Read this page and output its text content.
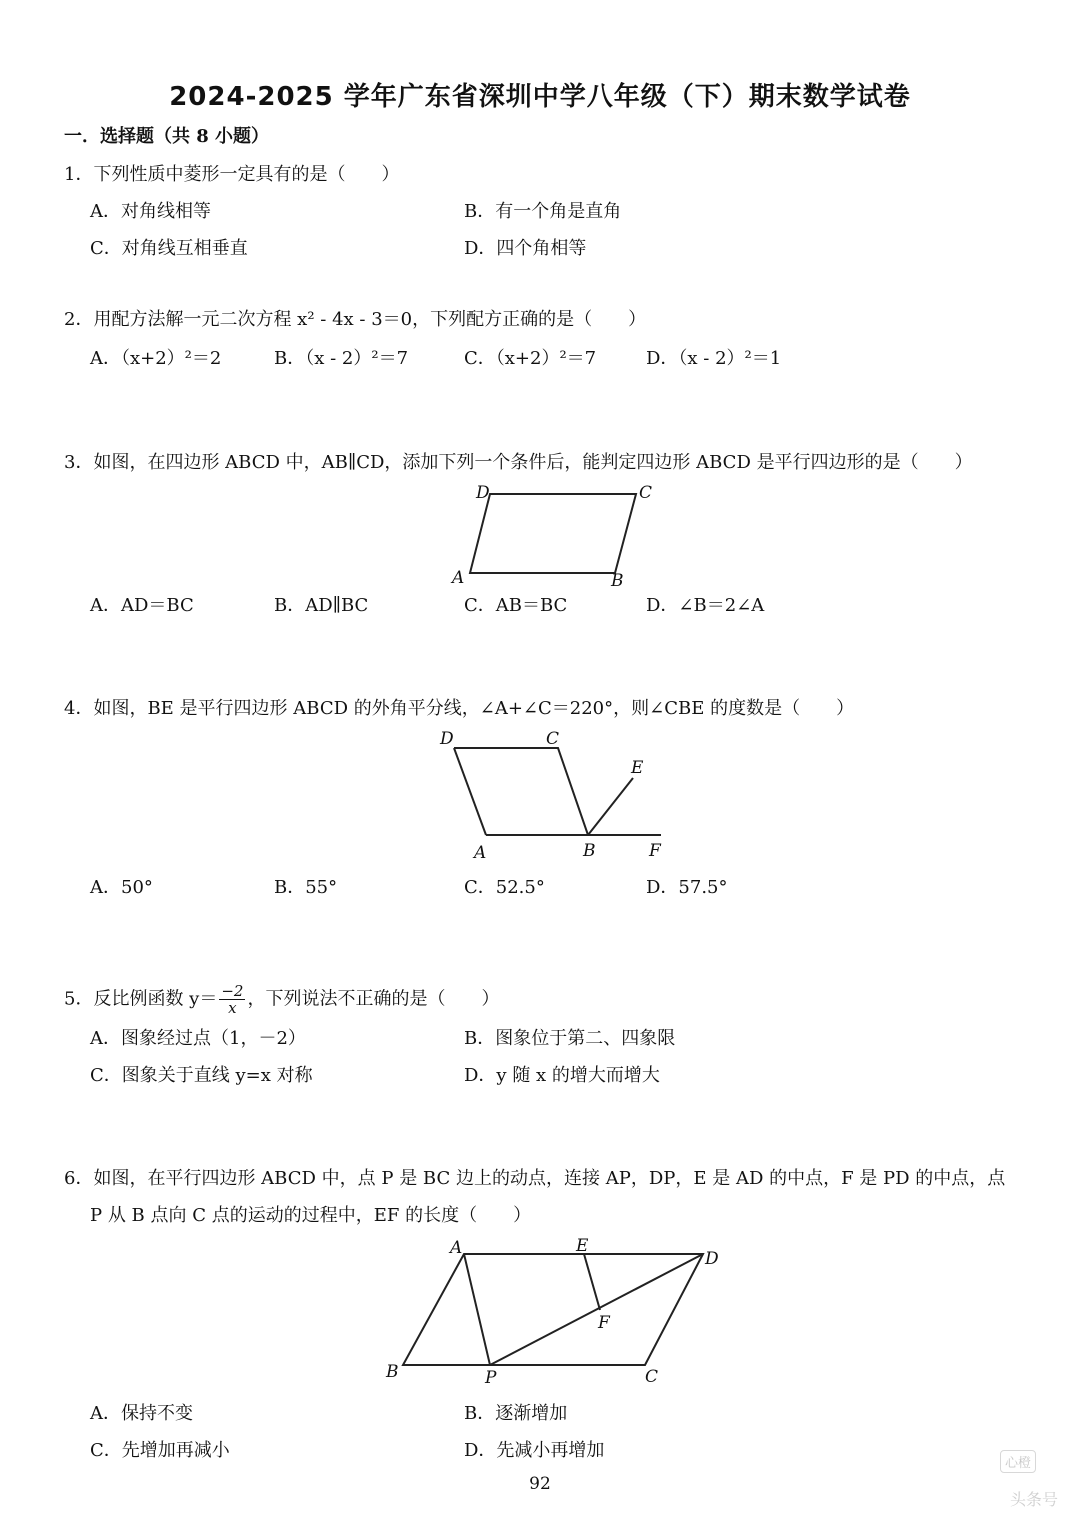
2024-2025 学年广东省深圳中学八年级（下）期末数学试卷
一．选择题（共 8 小题）
1．下列性质中菱形一定具有的是（　　）
A．对角线相等	B．有一个角是直角
C．对角线互相垂直	D．四个角相等
2．用配方法解一元二次方程 x² - 4x - 3＝0，下列配方正确的是（　　）
A．（x+2）²＝2	B．（x - 2）²＝7	C．（x+2）²＝7	D．（x - 2）²＝1
3．如图，在四边形 ABCD 中，AB∥CD，添加下列一个条件后，能判定四边形 ABCD 是平行四边形的是（　　）
D	C
A	B
A．AD＝BC	B．AD∥BC	C．AB＝BC	D．∠B＝2∠A
4．如图，BE 是平行四边形 ABCD 的外角平分线，∠A+∠C＝220°，则∠CBE 的度数是（　　）
D	C
E
A	B	F
A．50°	B．55°	C．52.5°	D．57.5°
5．反比例函数 $y= \frac{-2}{x}$ ，下列说法不正确的是（　　）
A．图象经过点（1，－2）	B．图象位于第二、四象限
C．图象关于直线 y=x 对称	D．y 随 x 的增大而增大
6．如图，在平行四边形 ABCD 中，点 P 是 BC 边上的动点，连接 AP，DP，E 是 AD 的中点，F 是 PD 的中点，点
P 从 B 点向 C 点的运动的过程中，EF 的长度（　　）
A	E
D
F
B	P	C
A．保持不变	B．逐渐增加
C．先增加再减小	D．先减小再增加
92
心橙
头条号
